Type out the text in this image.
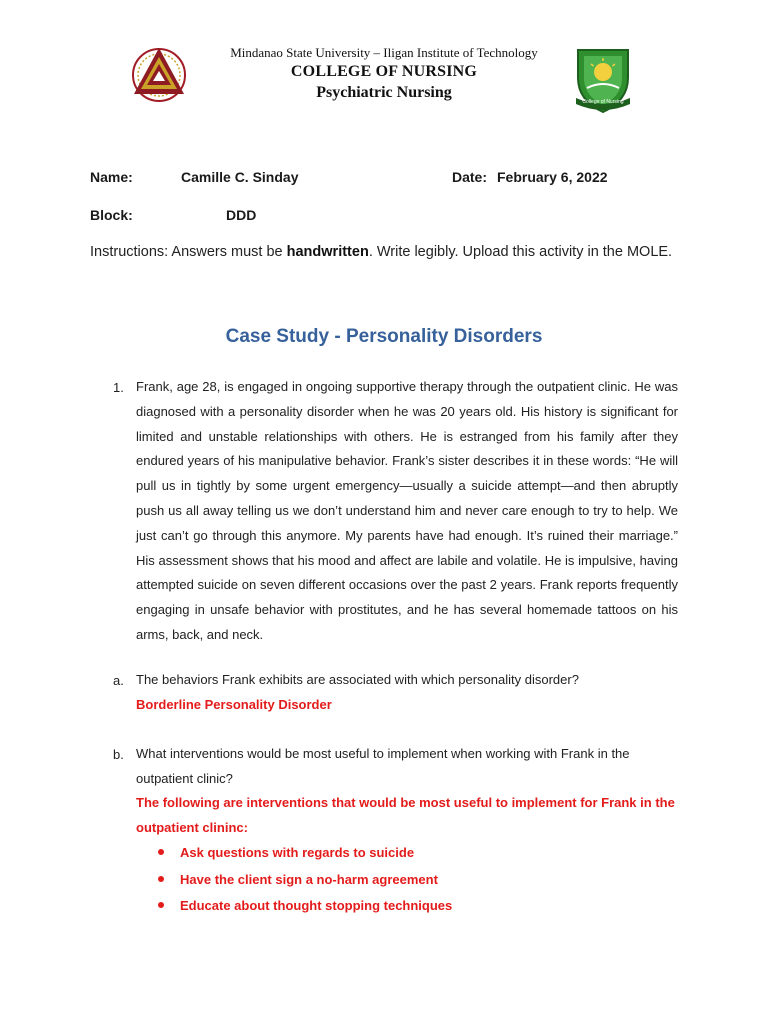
Mindanao State University – Iligan Institute of Technology
COLLEGE OF NURSING
Psychiatric Nursing
College of Nursing
Name:	Camille C. Sinday	Date: February 6, 2022
Block:	DDD
Instructions: Answers must be handwritten. Write legibly. Upload this activity in the MOLE.
Case Study - Personality Disorders
1. Frank, age 28, is engaged in ongoing supportive therapy through the outpatient clinic. He was diagnosed with a personality disorder when he was 20 years old. His history is significant for limited and unstable relationships with others. He is estranged from his family after they endured years of his manipulative behavior. Frank’s sister describes it in these words: “He will pull us in tightly by some urgent emergency—usually a suicide attempt—and then abruptly push us all away telling us we don’t understand him and never care enough to try to help. We just can’t go through this anymore. My parents have had enough. It’s ruined their marriage.” His assessment shows that his mood and affect are labile and volatile. He is impulsive, having attempted suicide on seven different occasions over the past 2 years. Frank reports frequently engaging in unsafe behavior with prostitutes, and he has several homemade tattoos on his arms, back, and neck.
a. The behaviors Frank exhibits are associated with which personality disorder?
Borderline Personality Disorder
b. What interventions would be most useful to implement when working with Frank in the outpatient clinic?
The following are interventions that would be most useful to implement for Frank in the outpatient clininc:
Ask questions with regards to suicide
Have the client sign a no-harm agreement
Educate about thought stopping techniques
